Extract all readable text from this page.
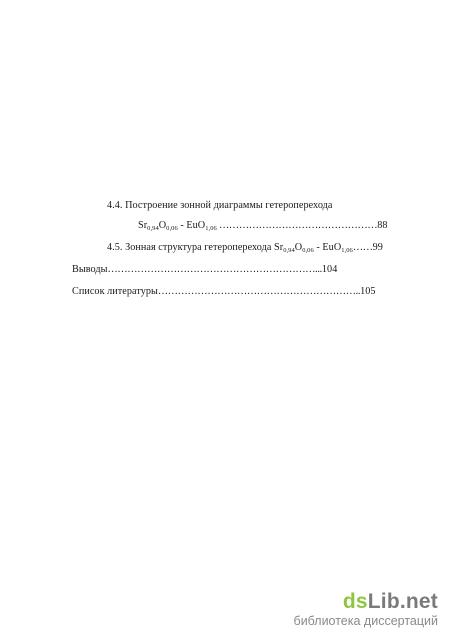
4.4. Построение зонной диаграммы гетероперехода
$Sr_{0,94}O_{0,06} - EuO_{1,06}$ …………………………………………88
4.5. Зонная структура гетероперехода $Sr_{0,94}O_{0,06}$ - EuO$_{1,06}$……99
Выводы………………………………………………………...104
Список литературы……………………………………………………..105
dsLib.net
библиотека диссертаций
